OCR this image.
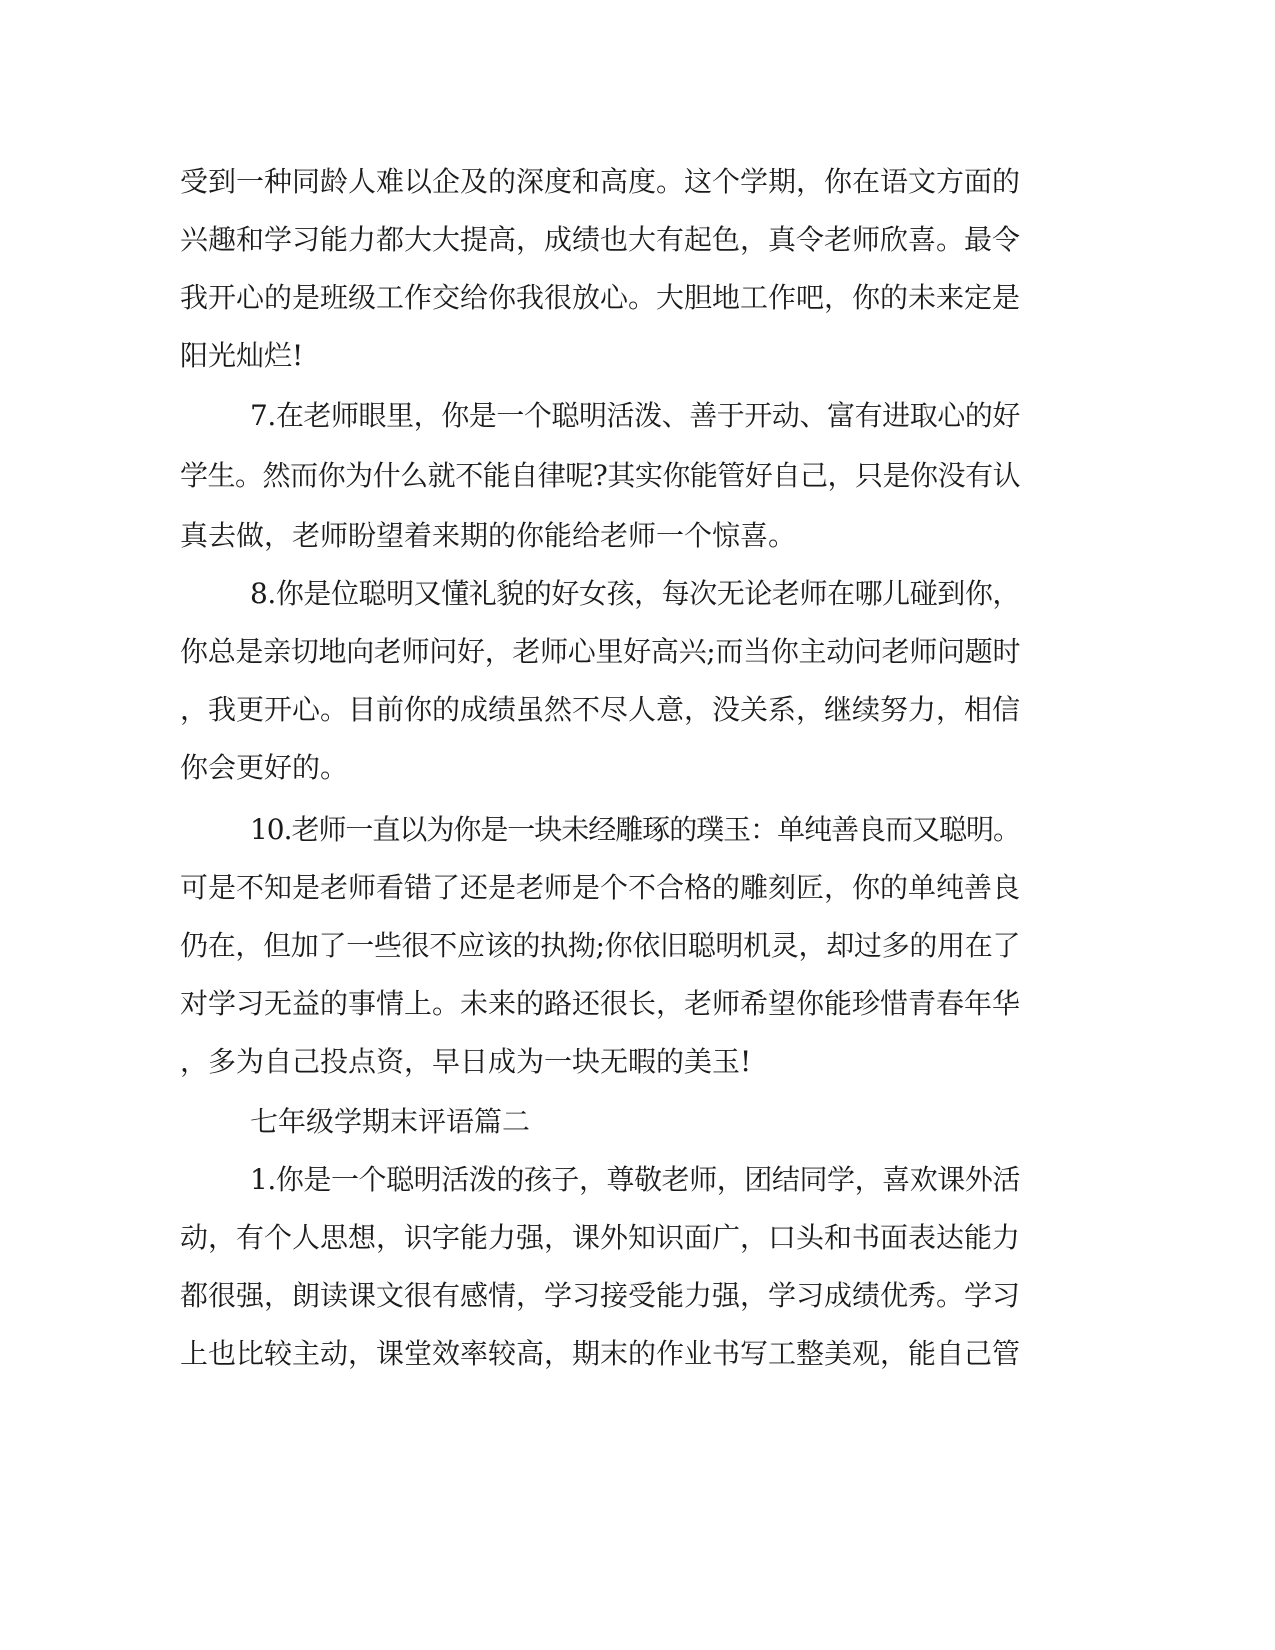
受到一种同龄人难以企及的深度和高度。这个学期，你在语文方面的
兴趣和学习能力都大大提高，成绩也大有起色，真令老师欣喜。最令
我开心的是班级工作交给你我很放心。大胆地工作吧，你的未来定是
阳光灿烂!
7.在老师眼里，你是一个聪明活泼、善于开动、富有进取心的好
学生。然而你为什么就不能自律呢?其实你能管好自己，只是你没有认
真去做，老师盼望着来期的你能给老师一个惊喜。
8.你是位聪明又懂礼貌的好女孩，每次无论老师在哪儿碰到你，
你总是亲切地向老师问好，老师心里好高兴;而当你主动问老师问题时
，我更开心。目前你的成绩虽然不尽人意，没关系，继续努力，相信
你会更好的。
10.老师一直以为你是一块未经雕琢的璞玉：单纯善良而又聪明。
可是不知是老师看错了还是老师是个不合格的雕刻匠，你的单纯善良
仍在，但加了一些很不应该的执拗;你依旧聪明机灵，却过多的用在了
对学习无益的事情上。未来的路还很长，老师希望你能珍惜青春年华
，多为自己投点资，早日成为一块无暇的美玉!
七年级学期末评语篇二
1.你是一个聪明活泼的孩子，尊敬老师，团结同学，喜欢课外活
动，有个人思想，识字能力强，课外知识面广，口头和书面表达能力
都很强，朗读课文很有感情，学习接受能力强，学习成绩优秀。学习
上也比较主动，课堂效率较高，期末的作业书写工整美观，能自己管
